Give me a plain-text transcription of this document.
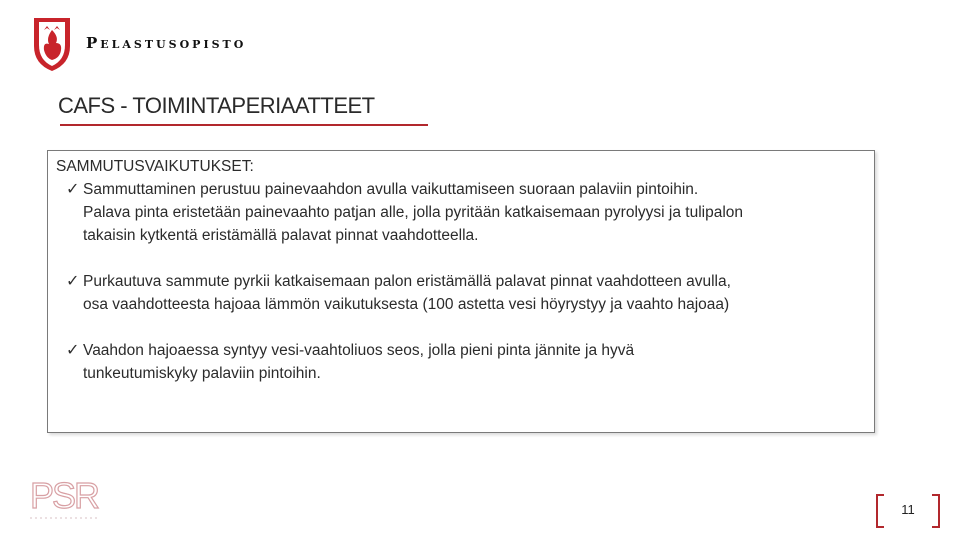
Pelastusopisto
CAFS - TOIMINTAPERIAATTEET

SAMMUTUSVAIKUTUKSET:

✓ Sammuttaminen perustuu painevaahdon avulla vaikuttamiseen suoraan palaviin pintoihin.
Palava pinta eristetään painevaahto patjan alle, jolla pyritään katkaisemaan pyrolyysi ja tulipalon
takaisin kytkentä eristämällä palavat pinnat vaahdotteella.
✓ Purkautuva sammute pyrkii katkaisemaan palon eristämällä palavat pinnat vaahdotteen avulla,
osa vaahdotteesta hajoaa lämmön vaikutuksesta (100 astetta vesi höyrystyy ja vaahto hajoaa)
✓ Vaahdon hajoaessa syntyy vesi-vaahtoliuos seos, jolla pieni pinta jännite ja hyvä
tunkeutumiskyky palaviin pintoihin.
PSR	11
